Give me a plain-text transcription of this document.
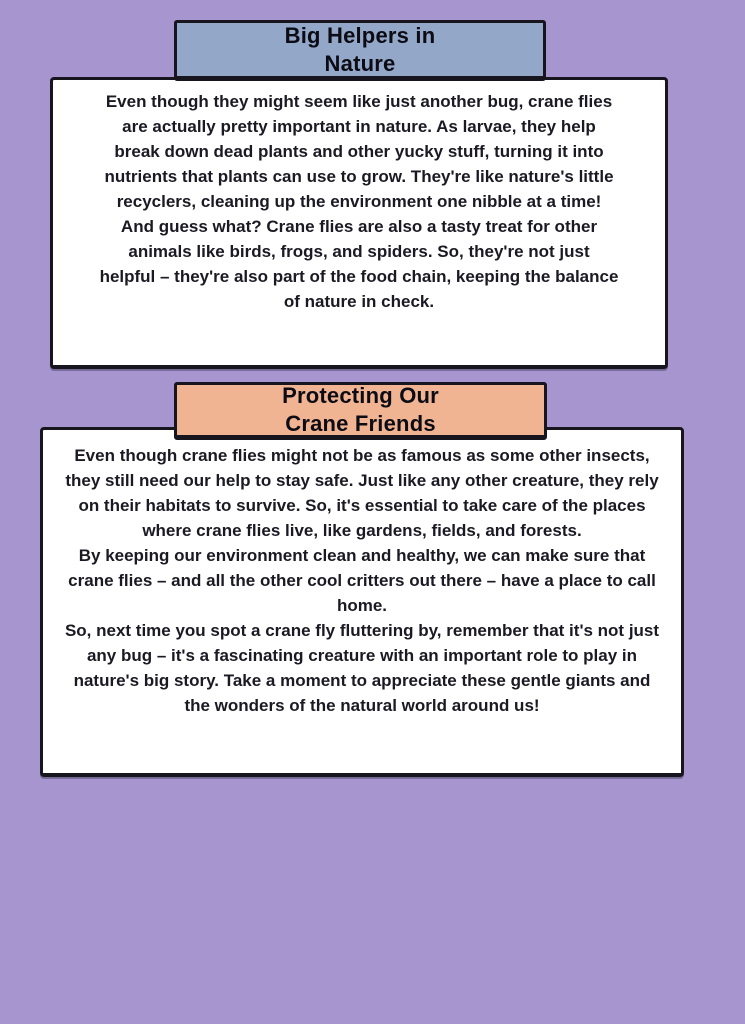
Even though they might seem like just another bug, crane flies are actually pretty important in nature. As larvae, they help break down dead plants and other yucky stuff, turning it into nutrients that plants can use to grow. They're like nature's little recyclers, cleaning up the environment one nibble at a time!

And guess what? Crane flies are also a tasty treat for other animals like birds, frogs, and spiders. So, they're not just helpful – they're also part of the food chain, keeping the balance of nature in check.

Big Helpers in
Nature

Even though crane flies might not be as famous as some other insects, they still need our help to stay safe. Just like any other creature, they rely on their habitats to survive. So, it's essential to take care of the places where crane flies live, like gardens, fields, and forests.

By keeping our environment clean and healthy, we can make sure that crane flies – and all the other cool critters out there – have a place to call home.

So, next time you spot a crane fly fluttering by, remember that it's not just any bug – it's a fascinating creature with an important role to play in nature's big story. Take a moment to appreciate these gentle giants and the wonders of the natural world around us!

Protecting Our
Crane Friends
